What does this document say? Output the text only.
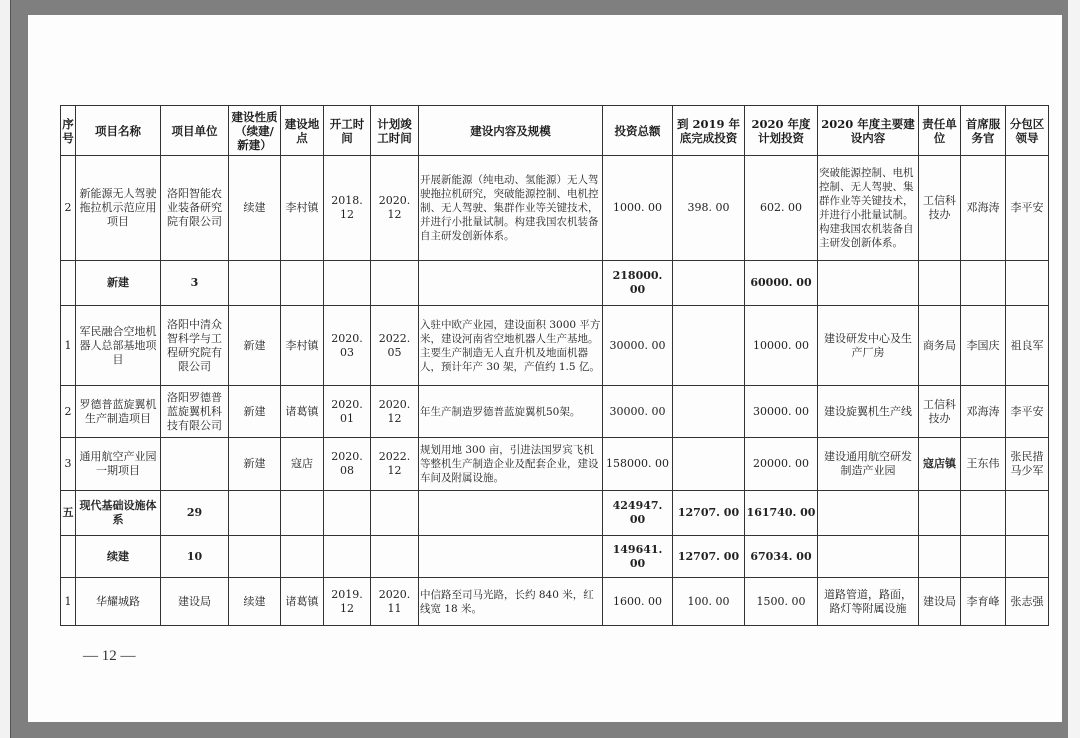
序号	项目名称	项目单位	建设性质（续建/新建）	建设地点	开工时间	计划竣工时间	建设内容及规模	投资总额	到 2019 年底完成投资	2020 年度计划投资	2020 年度主要建设内容	责任单位	首席服务官	分包区领导
2	新能源无人驾驶拖拉机示范应用项目	洛阳智能农业装备研究院有限公司	续建	李村镇	2018. 12	2020. 12	开展新能源（纯电动、氢能源）无人驾驶拖拉机研究，突破能源控制、电机控制、无人驾驶、集群作业等关键技术，并进行小批量试制。构建我国农机装备自主研发创新体系。	1000. 00	398. 00	602. 00	突破能源控制、电机控制、无人驾驶、集群作业等关键技术，并进行小批量试制。构建我国农机装备自主研发创新体系。	工信科技办	邓海涛	李平安
	新建	3						218000. 00		60000. 00				
1	军民融合空地机器人总部基地项目	洛阳中清众智科学与工程研究院有限公司	新建	李村镇	2020. 03	2022. 05	入驻中欧产业园，建设面积 3000 平方米，建设河南省空地机器人生产基地。主要生产制造无人直升机及地面机器人，预计年产 30 架，产值约 1.5 亿。	30000. 00		10000. 00	建设研发中心及生产厂房	商务局	李国庆	祖良军
2	罗德普蓝旋翼机生产制造项目	洛阳罗德普蓝旋翼机科技有限公司	新建	诸葛镇	2020. 01	2020. 12	年生产制造罗德普蓝旋翼机50架。	30000. 00		30000. 00	建设旋翼机生产线	工信科技办	邓海涛	李平安
3	通用航空产业园一期项目		新建	寇店	2020. 08	2022. 12	规划用地 300 亩，引进法国罗宾飞机等整机生产制造企业及配套企业，建设车间及附属设施。	158000. 00		20000. 00	建设通用航空研发制造产业园	寇店镇	王东伟	张民措马少军
五	现代基础设施体系	29						424947. 00	12707. 00	161740. 00				
	续建	10						149641. 00	12707. 00	67034. 00				
1	华耀城路	建设局	续建	诸葛镇	2019. 12	2020. 11	中信路至司马光路，长约 840 米，红线宽 18 米。	1600. 00	100. 00	1500. 00	道路管道，路面，路灯等附属设施	建设局	李育峰	张志强
— 12 —
